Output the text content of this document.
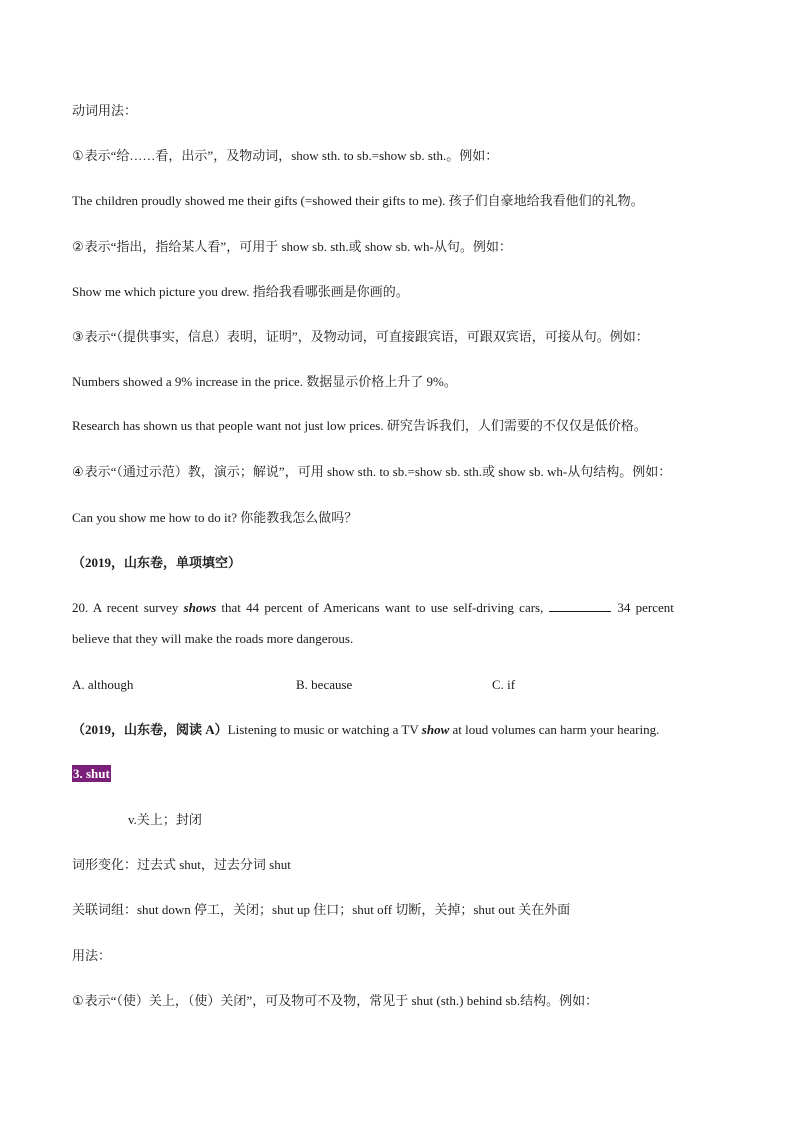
动词用法：
①表示“给……看，出示”，及物动词，show sth. to sb.=show sb. sth.。例如：
The children proudly showed me their gifts (=showed their gifts to me). 孩子们自豪地给我看他们的礼物。
②表示“指出，指给某人看”，可用于 show sb. sth.或 show sb. wh-从句。例如：
Show me which picture you drew. 指给我看哪张画是你画的。
③表示“（提供事实，信息）表明，证明”，及物动词，可直接跟宾语，可跟双宾语，可接从句。例如：
Numbers showed a 9% increase in the price. 数据显示价格上升了 9%。
Research has shown us that people want not just low prices. 研究告诉我们，人们需要的不仅仅是低价格。
④表示“（通过示范）教，演示；解说”，可用 show sth. to sb.=show sb. sth.或 show sb. wh-从句结构。例如：
Can you show me how to do it? 你能教我怎么做吗？
（2019，山东卷，单项填空）
20. A recent survey shows that 44 percent of Americans want to use self-driving cars,	34 percent
believe that they will make the roads more dangerous.
A. although	B. because	C. if
（2019，山东卷，阅读 A）Listening to music or watching a TV show at loud volumes can harm your hearing.
3. shut
v.关上；封闭
词形变化：过去式 shut，过去分词 shut
关联词组：shut down 停工，关闭；shut up 住口；shut off 切断，关掉；shut out 关在外面
用法：
①表示“（使）关上，（使）关闭”，可及物可不及物，常见于 shut (sth.) behind sb.结构。例如：
